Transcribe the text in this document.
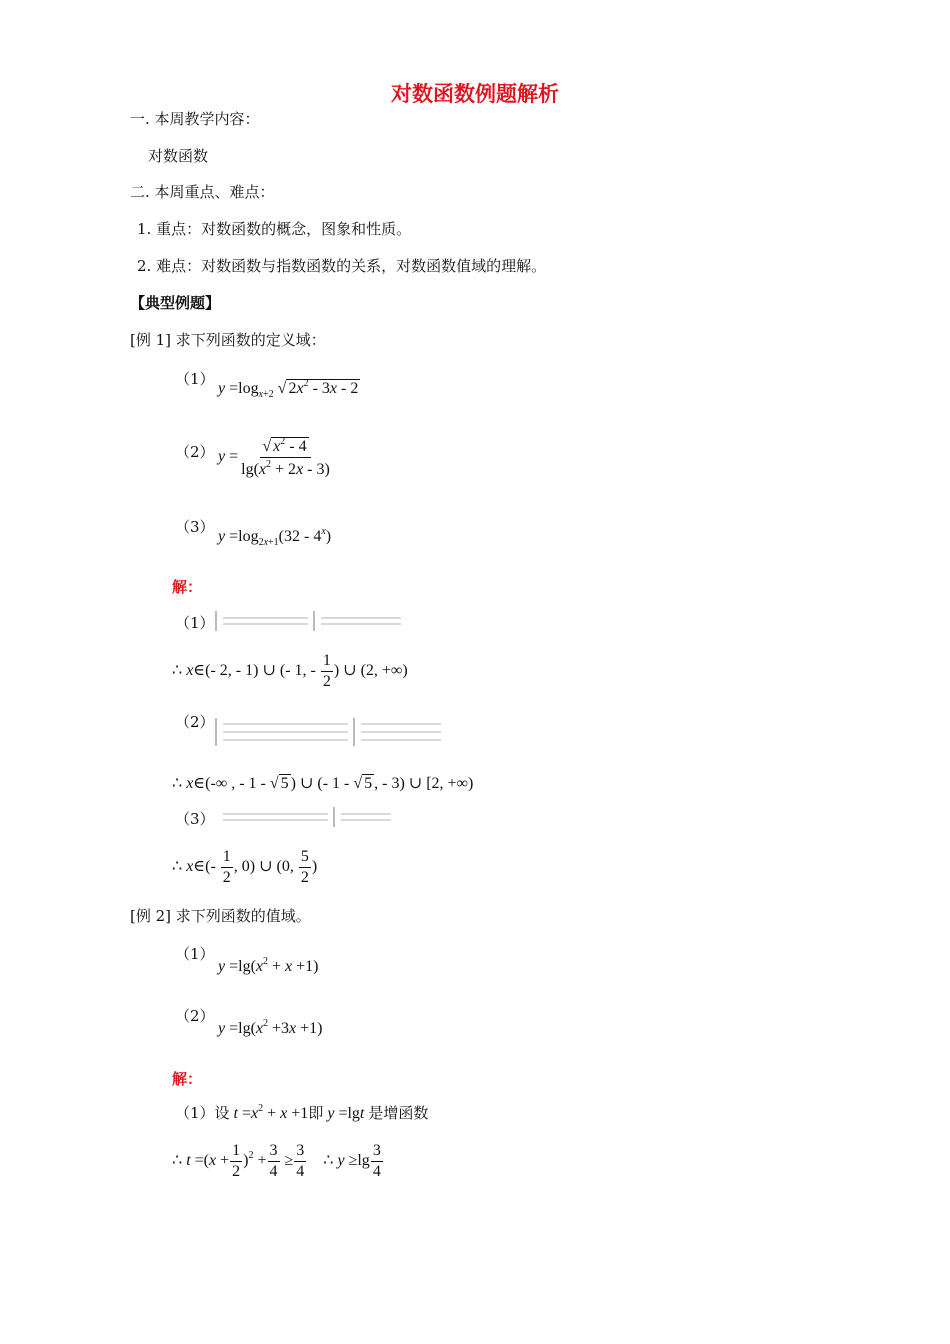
对数函数例题解析
一. 本周教学内容：
对数函数
二. 本周重点、难点：
1. 重点：对数函数的概念，图象和性质。
2. 难点：对数函数与指数函数的关系，对数函数值域的理解。
【典型例题】
[例 1] 求下列函数的定义域：
（1）
$y =\log_{x+2}$ √ $2x^2 - 3x - 2$
（2） $y = \frac{√ x^2 - 4}{\lg(x^2 + 2x - 3)}$
（3）
$y =\log_{2x+1}(32 - 4^x)$
解：
（1）

∴ x∈(- 2, - 1) ∪ (- 1, - $\frac{1}{2}$ ) ∪ (2, +∞)
（2）

∴ x∈(-∞ , - 1 - √ 5 ) ∪ (- 1 - √ 5 , - 3) ∪ [2, +∞)
（3）

∴ x∈(- $\frac{1}{2}$ , 0) ∪ (0, $\frac{5}{2}$ )
[例 2] 求下列函数的值域。
（1）
$y =\lg(x^2 + x +1)$
（2）
$y =\lg(x^2 +3x +1)$
解：
（1）设 $t =x^2 + x +1$即 y =lgt 是增函数
∴ $t =(x + \frac{1}{2} )^2 + \frac{3}{4} \ge \frac{3}{4}$ ∴ $y \ge\lg \frac{3}{4}$
